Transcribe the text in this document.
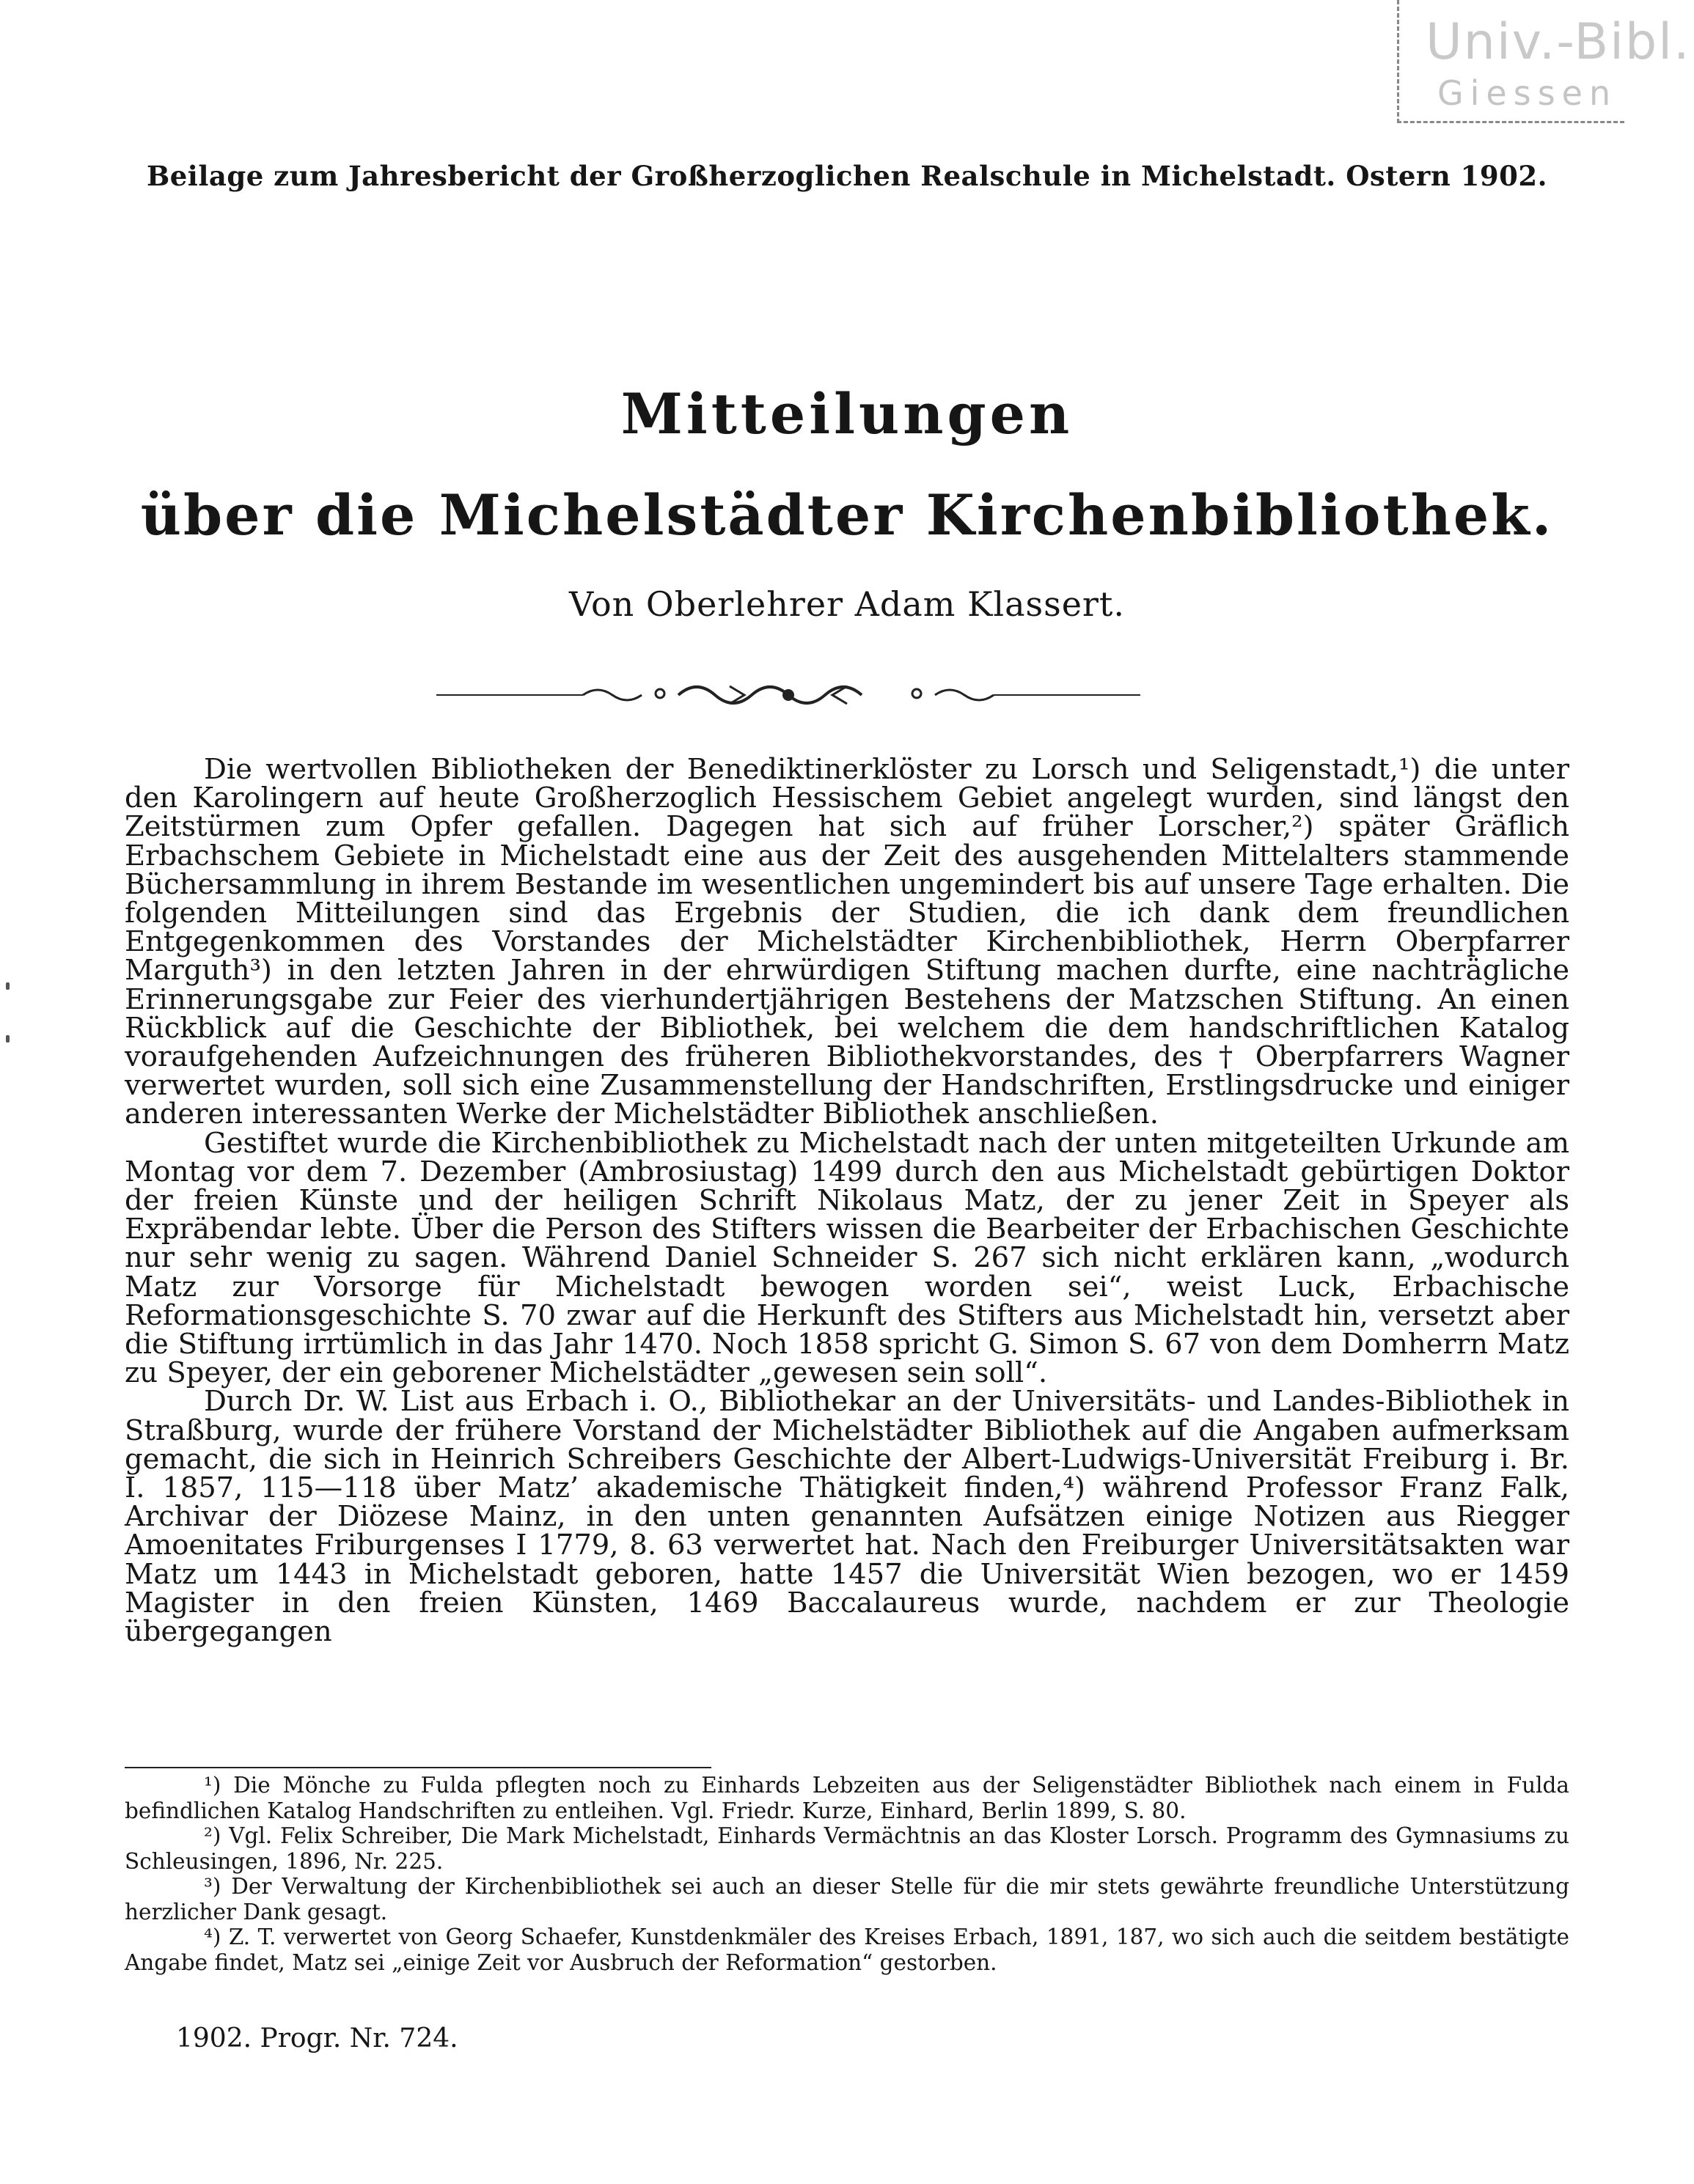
Univ.-Bibl.
Giessen
Beilage zum Jahresbericht der Großherzoglichen Realschule in Michelstadt. Ostern 1902.
Mitteilungen
über die Michelstädter Kirchenbibliothek.
Von Oberlehrer Adam Klassert.

Die wertvollen Bibliotheken der Benediktinerklöster zu Lorsch und Seligenstadt,¹) die unter den Karolingern auf heute Großherzoglich Hessischem Gebiet angelegt wurden, sind längst den Zeitstürmen zum Opfer gefallen. Dagegen hat sich auf früher Lorscher,²) später Gräflich Erbachschem Gebiete in Michelstadt eine aus der Zeit des ausgehenden Mittelalters stammende Büchersammlung in ihrem Bestande im wesentlichen ungemindert bis auf unsere Tage erhalten. Die folgenden Mitteilungen sind das Ergebnis der Studien, die ich dank dem freundlichen Entgegenkommen des Vorstandes der Michelstädter Kirchenbibliothek, Herrn Oberpfarrer Marguth³) in den letzten Jahren in der ehrwürdigen Stiftung machen durfte, eine nachträgliche Erinnerungsgabe zur Feier des vierhundertjährigen Bestehens der Matzschen Stiftung. An einen Rückblick auf die Geschichte der Bibliothek, bei welchem die dem handschriftlichen Katalog voraufgehenden Aufzeichnungen des früheren Bibliothekvorstandes, des † Oberpfarrers Wagner verwertet wurden, soll sich eine Zusammenstellung der Handschriften, Erstlingsdrucke und einiger anderen interessanten Werke der Michelstädter Bibliothek anschließen.

Gestiftet wurde die Kirchenbibliothek zu Michelstadt nach der unten mitgeteilten Urkunde am Montag vor dem 7. Dezember (Ambrosiustag) 1499 durch den aus Michelstadt gebürtigen Doktor der freien Künste und der heiligen Schrift Nikolaus Matz, der zu jener Zeit in Speyer als Expräbendar lebte. Über die Person des Stifters wissen die Bearbeiter der Erbachischen Geschichte nur sehr wenig zu sagen. Während Daniel Schneider S. 267 sich nicht erklären kann, „wodurch Matz zur Vorsorge für Michelstadt bewogen worden sei“, weist Luck, Erbachische Reformationsgeschichte S. 70 zwar auf die Herkunft des Stifters aus Michelstadt hin, versetzt aber die Stiftung irrtümlich in das Jahr 1470. Noch 1858 spricht G. Simon S. 67 von dem Domherrn Matz zu Speyer, der ein geborener Michelstädter „gewesen sein soll“.

Durch Dr. W. List aus Erbach i. O., Bibliothekar an der Universitäts- und Landes-Bibliothek in Straßburg, wurde der frühere Vorstand der Michelstädter Bibliothek auf die Angaben aufmerksam gemacht, die sich in Heinrich Schreibers Geschichte der Albert-Ludwigs-Universität Freiburg i. Br. I. 1857, 115—118 über Matz’ akademische Thätigkeit finden,⁴) während Professor Franz Falk, Archivar der Diözese Mainz, in den unten genannten Aufsätzen einige Notizen aus Riegger Amoenitates Friburgenses I 1779, 8. 63 verwertet hat. Nach den Freiburger Universitätsakten war Matz um 1443 in Michelstadt geboren, hatte 1457 die Universität Wien bezogen, wo er 1459 Magister in den freien Künsten, 1469 Baccalaureus wurde, nachdem er zur Theologie übergegangen

¹) Die Mönche zu Fulda pflegten noch zu Einhards Lebzeiten aus der Seligenstädter Bibliothek nach einem in Fulda befindlichen Katalog Handschriften zu entleihen. Vgl. Friedr. Kurze, Einhard, Berlin 1899, S. 80.

²) Vgl. Felix Schreiber, Die Mark Michelstadt, Einhards Vermächtnis an das Kloster Lorsch. Programm des Gymnasiums zu Schleusingen, 1896, Nr. 225.

³) Der Verwaltung der Kirchenbibliothek sei auch an dieser Stelle für die mir stets gewährte freundliche Unterstützung herzlicher Dank gesagt.

⁴) Z. T. verwertet von Georg Schaefer, Kunstdenkmäler des Kreises Erbach, 1891, 187, wo sich auch die seitdem bestätigte Angabe findet, Matz sei „einige Zeit vor Ausbruch der Reformation“ gestorben.

1902. Progr. Nr. 724.
